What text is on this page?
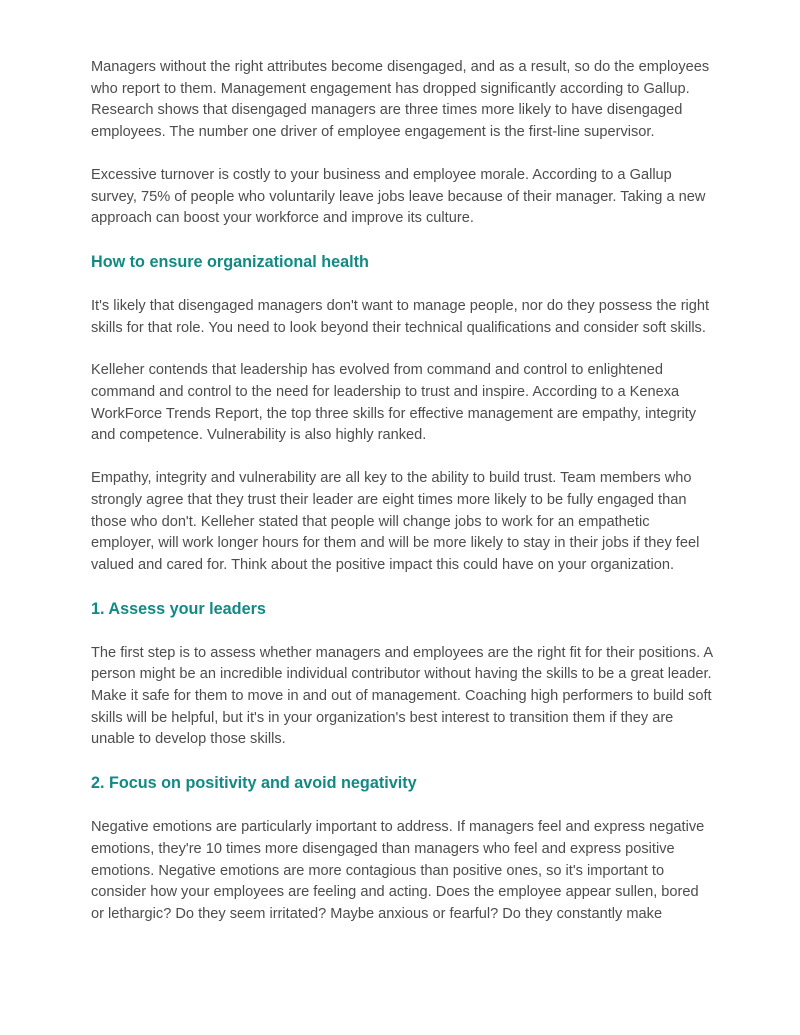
Managers without the right attributes become disengaged, and as a result, so do the employees who report to them. Management engagement has dropped significantly according to Gallup. Research shows that disengaged managers are three times more likely to have disengaged employees. The number one driver of employee engagement is the first-line supervisor.

Excessive turnover is costly to your business and employee morale. According to a Gallup survey, 75% of people who voluntarily leave jobs leave because of their manager. Taking a new approach can boost your workforce and improve its culture.

How to ensure organizational health

It's likely that disengaged managers don't want to manage people, nor do they possess the right skills for that role. You need to look beyond their technical qualifications and consider soft skills.

Kelleher contends that leadership has evolved from command and control to enlightened command and control to the need for leadership to trust and inspire. According to a Kenexa WorkForce Trends Report, the top three skills for effective management are empathy, integrity and competence. Vulnerability is also highly ranked.

Empathy, integrity and vulnerability are all key to the ability to build trust. Team members who strongly agree that they trust their leader are eight times more likely to be fully engaged than those who don't. Kelleher stated that people will change jobs to work for an empathetic employer, will work longer hours for them and will be more likely to stay in their jobs if they feel valued and cared for. Think about the positive impact this could have on your organization.

1. Assess your leaders

The first step is to assess whether managers and employees are the right fit for their positions. A person might be an incredible individual contributor without having the skills to be a great leader. Make it safe for them to move in and out of management. Coaching high performers to build soft skills will be helpful, but it's in your organization's best interest to transition them if they are unable to develop those skills.

2. Focus on positivity and avoid negativity

Negative emotions are particularly important to address. If managers feel and express negative emotions, they're 10 times more disengaged than managers who feel and express positive emotions. Negative emotions are more contagious than positive ones, so it's important to consider how your employees are feeling and acting. Does the employee appear sullen, bored or lethargic? Do they seem irritated? Maybe anxious or fearful? Do they constantly make
